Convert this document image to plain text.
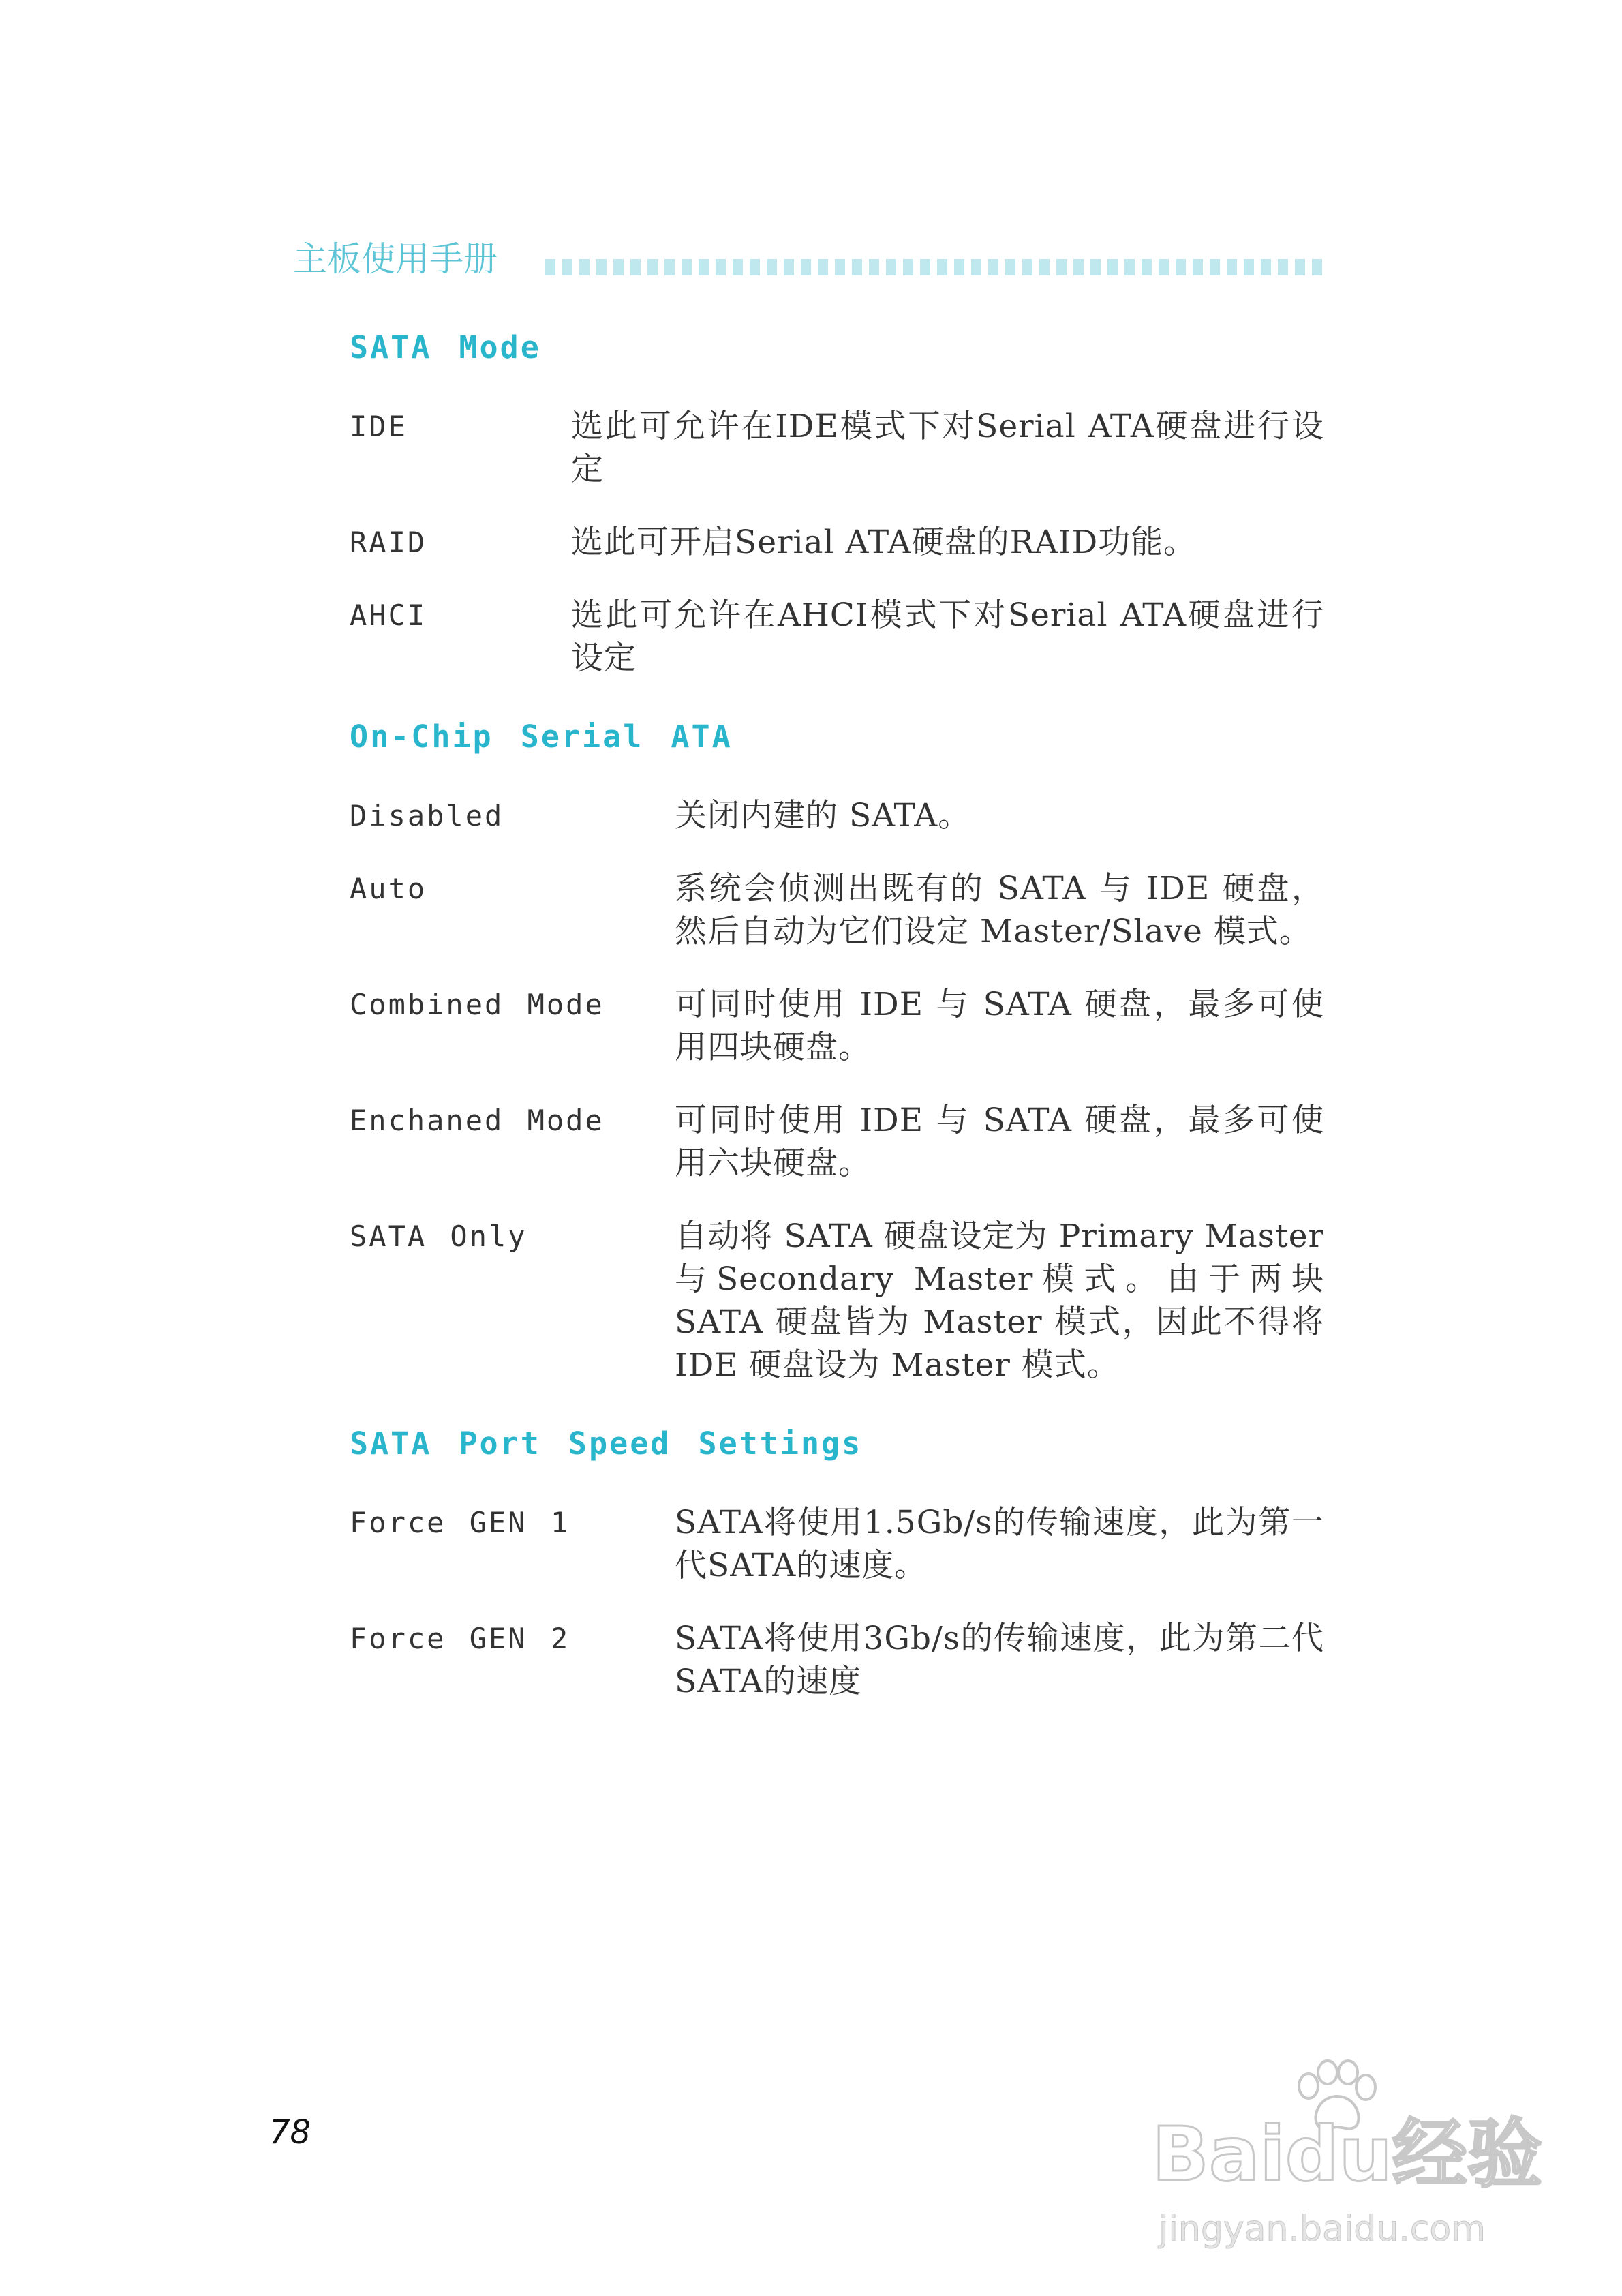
主板使用手册
SATA Mode
IDE	选此可允许在IDE模式下对Serial ATA硬盘进行设定
RAID	选此可开启Serial ATA硬盘的RAID功能。
AHCI	选此可允许在AHCI模式下对Serial ATA硬盘进行设定
On-Chip Serial ATA
Disabled	关闭内建的 SATA。
Auto	系统会侦测出既有的 SATA 与 IDE 硬盘，然后自动为它们设定 Master/Slave 模式。
Combined Mode	可同时使用 IDE 与 SATA 硬盘，最多可使用四块硬盘。
Enchaned Mode	可同时使用 IDE 与 SATA 硬盘，最多可使用六块硬盘。
SATA Only	自动将 SATA 硬盘设定为 Primary Master 与Secondary Master模式。由于两块 SATA 硬盘皆为 Master 模式，因此不得将 IDE 硬盘设为 Master 模式。
SATA Port Speed Settings
Force GEN 1	SATA将使用1.5Gb/s的传输速度，此为第一代SATA的速度。
Force GEN 2	SATA将使用3Gb/s的传输速度，此为第二代SATA的速度
78	Baidu经验
jingyan.baidu.com
